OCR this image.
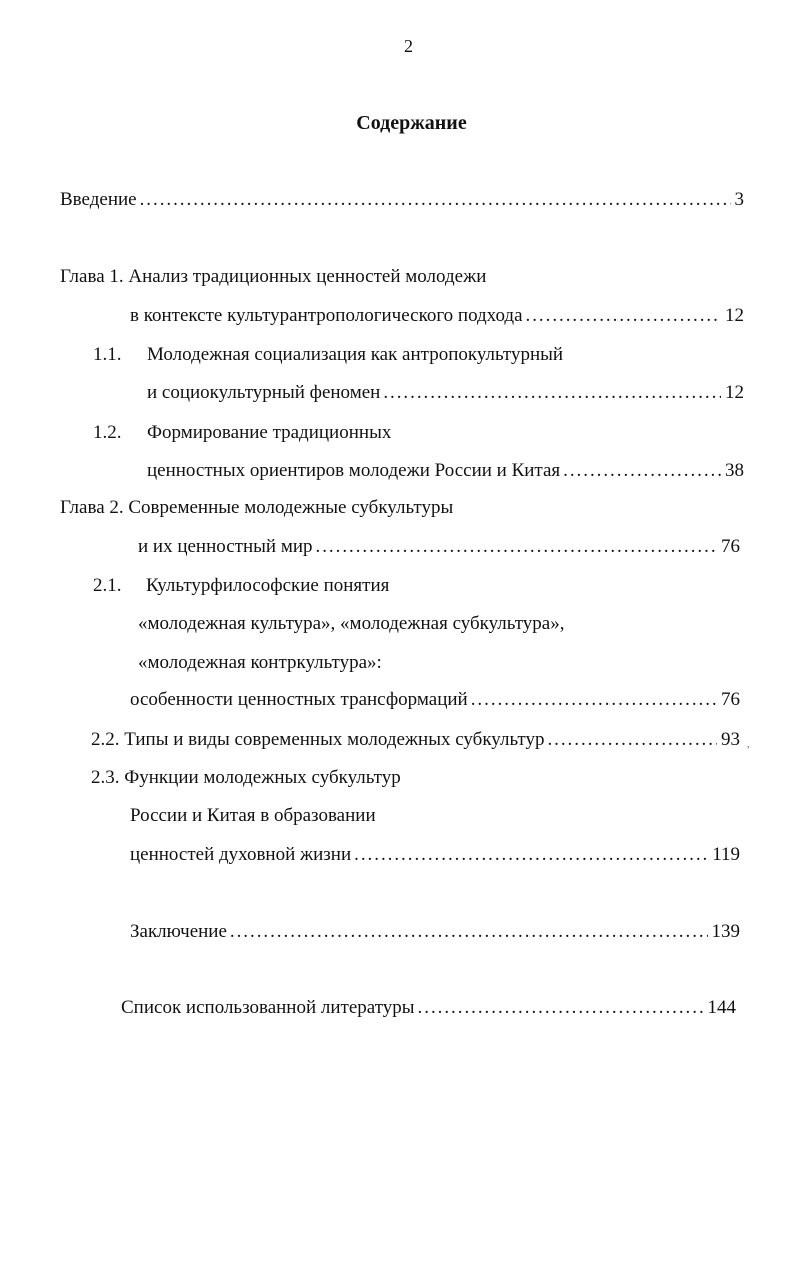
2
Содержание
Введение . . .	3
Глава 1. Анализ традиционных ценностей молодежи
в контексте культурантропологического подхода . . .	12
1.1. Молодежная социализация как антропокультурный
и социокультурный феномен . . .	12
1.2. Формирование традиционных
ценностных ориентиров молодежи России и Китая . . .	38
Глава 2. Современные молодежные субкультуры
и их ценностный мир . . .	76
2.1. Культурфилософские понятия
«молодежная культура», «молодежная субкультура»,
«молодежная контркультура»:
особенности ценностных трансформаций . . .	76
2.2. Типы и виды современных молодежных субкультур . . .	93 ,
2.3. Функции молодежных субкультур
России и Китая в образовании
ценностей духовной жизни . . .	119
Заключение . . .	139
Список использованной литературы . . .	144
